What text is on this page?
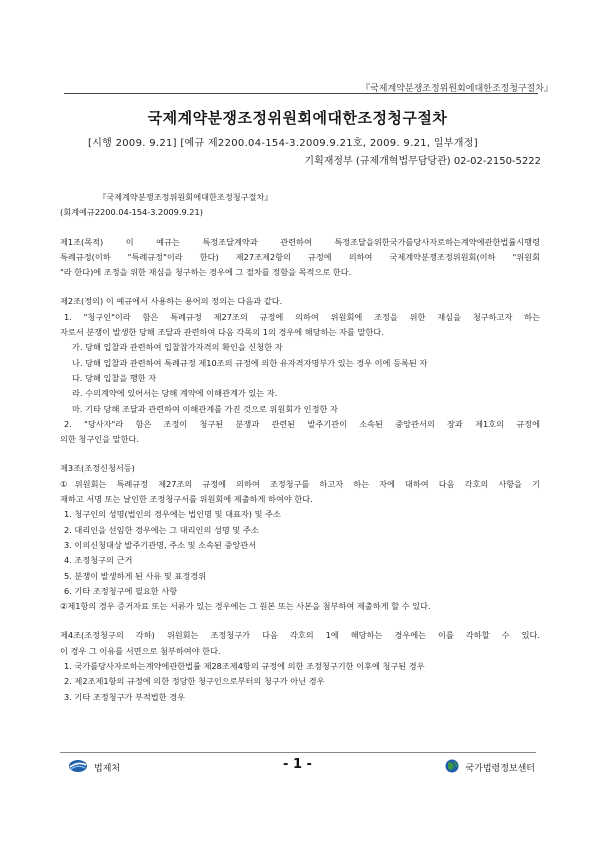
『국제계약분쟁조정위원회에대한조정청구절차』
국제계약분쟁조정위원회에대한조정청구절차
[시행 2009. 9.21] [예규 제2200.04-154-3.2009.9.21호, 2009. 9.21, 일부개정]
기획재정부 (규제개혁법무담당관) 02-02-2150-5222
『국제계약분쟁조정위원회에대한조정청구절차』
(회계예규2200.04-154-3.2009.9.21)
제1조(목적) 이 예규는 특정조달계약과 관련하여 특정조달을위한국가를당사자로하는계약에관한법률시행령
특례규정(이하 "특례규정"이라 한다) 제27조제2항의 규정에 의하여 국제계약분쟁조정위원회(이하 "위원회
"라 한다)에 조정을 위한 재심을 청구하는 경우에 그 절차를 정함을 목적으로 한다.
제2조(정의) 이 예규에서 사용하는 용어의 정의는 다음과 같다.
1. "청구인"이라 함은 특례규정 제27조의 규정에 의하여 위원회에 조정을 위한 재심을 청구하고자 하는
자로서 분쟁이 발생한 당해 조달과 관련하여 다음 각목의 1의 경우에 해당하는 자를 말한다.
가. 당해 입찰과 관련하여 입찰참가자격의 확인을 신청한 자
나. 당해 입찰과 관련하여 특례규정 제10조의 규정에 의한 유자격자명부가 있는 경우 이에 등록된 자
다. 당해 입찰을 행한 자
라. 수의계약에 있어서는 당해 계약에 이해관계가 있는 자.
마. 기타 당해 조달과 관련하여 이해관계를 가진 것으로 위원회가 인정한 자
2. "당사자"라 함은 조정이 청구된 분쟁과 관련된 발주기관이 소속된 중앙관서의 장과 제1호의 규정에
의한 청구인을 말한다.
제3조(조정신청서등)
①위원회는 특례규정 제27조의 규정에 의하여 조정청구를 하고자 하는 자에 대하여 다음 각호의 사항을 기
재하고 서명 또는 날인한 조정청구서를 위원회에 제출하게 하여야 한다.
1. 청구인의 성명(법인의 경우에는 법인명 및 대표자) 및 주소
2. 대리인을 선임한 경우에는 그 대리인의 성명 및 주소
3. 이의신청대상 발주기관명, 주소 및 소속된 중앙관서
4. 조정청구의 근거
5. 분쟁이 발생하게 된 사유 및 표정경위
6. 기타 조정청구에 필요한 사항
②제1항의 경우 증거자료 또는 서류가 있는 경우에는 그 원본 또는 사본을 첨부하여 제출하게 할 수 있다.
제4조(조정청구의 각하) 위원회는 조정청구가 다음 각호의 1에 해당하는 경우에는 이를 각하할 수 있다.
이 경우 그 이유를 서면으로 첨부하여야 한다.
1. 국가를당사자로하는계약에관한법률 제28조제4항의 규정에 의한 조정청구기한 이후에 청구된 경우
2. 제2조제1항의 규정에 의한 정당한 청구인으로부터의 청구가 아닌 경우
3. 기타 조정청구가 부적법한 경우
법제처	- 1 -	국가법령정보센터
